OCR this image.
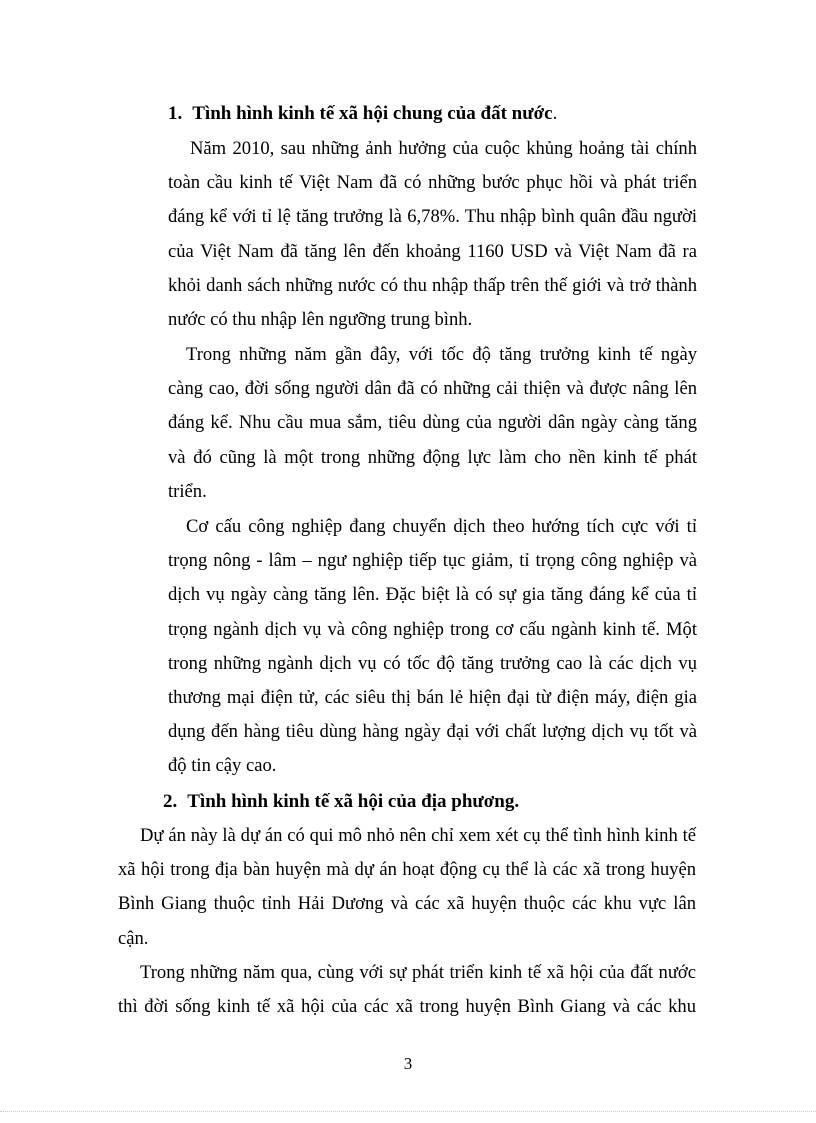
1. Tình hình kinh tế xã hội chung của đất nước.
Năm 2010, sau những ảnh hưởng của cuộc khủng hoảng tài chính
toàn cầu kinh tế Việt Nam đã có những bước phục hồi và phát triển
đáng kể với tỉ lệ tăng trưởng là 6,78%. Thu nhập bình quân đầu người
của Việt Nam đã tăng lên đến khoảng 1160 USD và Việt Nam đã ra
khỏi danh sách những nước có thu nhập thấp trên thế giới và trở thành
nước có thu nhập lên ngưỡng trung bình.
Trong những năm gần đây, với tốc độ tăng trưởng kinh tế ngày
càng cao, đời sống người dân đã có những cải thiện và được nâng lên
đáng kể. Nhu cầu mua sắm, tiêu dùng của người dân ngày càng tăng
và đó cũng là một trong những động lực làm cho nền kinh tế phát
triển.
Cơ cấu công nghiệp đang chuyển dịch theo hướng tích cực với tỉ
trọng nông - lâm – ngư nghiệp tiếp tục giảm, tỉ trọng công nghiệp và
dịch vụ ngày càng tăng lên. Đặc biệt là có sự gia tăng đáng kể của tỉ
trọng ngành dịch vụ và công nghiệp trong cơ cấu ngành kinh tế. Một
trong những ngành dịch vụ có tốc độ tăng trưởng cao là các dịch vụ
thương mại điện tử, các siêu thị bán lẻ hiện đại từ điện máy, điện gia
dụng đến hàng tiêu dùng hàng ngày đại với chất lượng dịch vụ tốt và
độ tin cậy cao.
2. Tình hình kinh tế xã hội của địa phương.
Dự án này là dự án có qui mô nhỏ nên chỉ xem xét cụ thể tình hình kinh tế
xã hội trong địa bàn huyện mà dự án hoạt động cụ thể là các xã trong huyện
Bình Giang thuộc tỉnh Hải Dương và các xã huyện thuộc các khu vực lân
cận.
Trong những năm qua, cùng với sự phát triển kinh tế xã hội của đất nước
thì đời sống kinh tế xã hội của các xã trong huyện Bình Giang và các khu
3
